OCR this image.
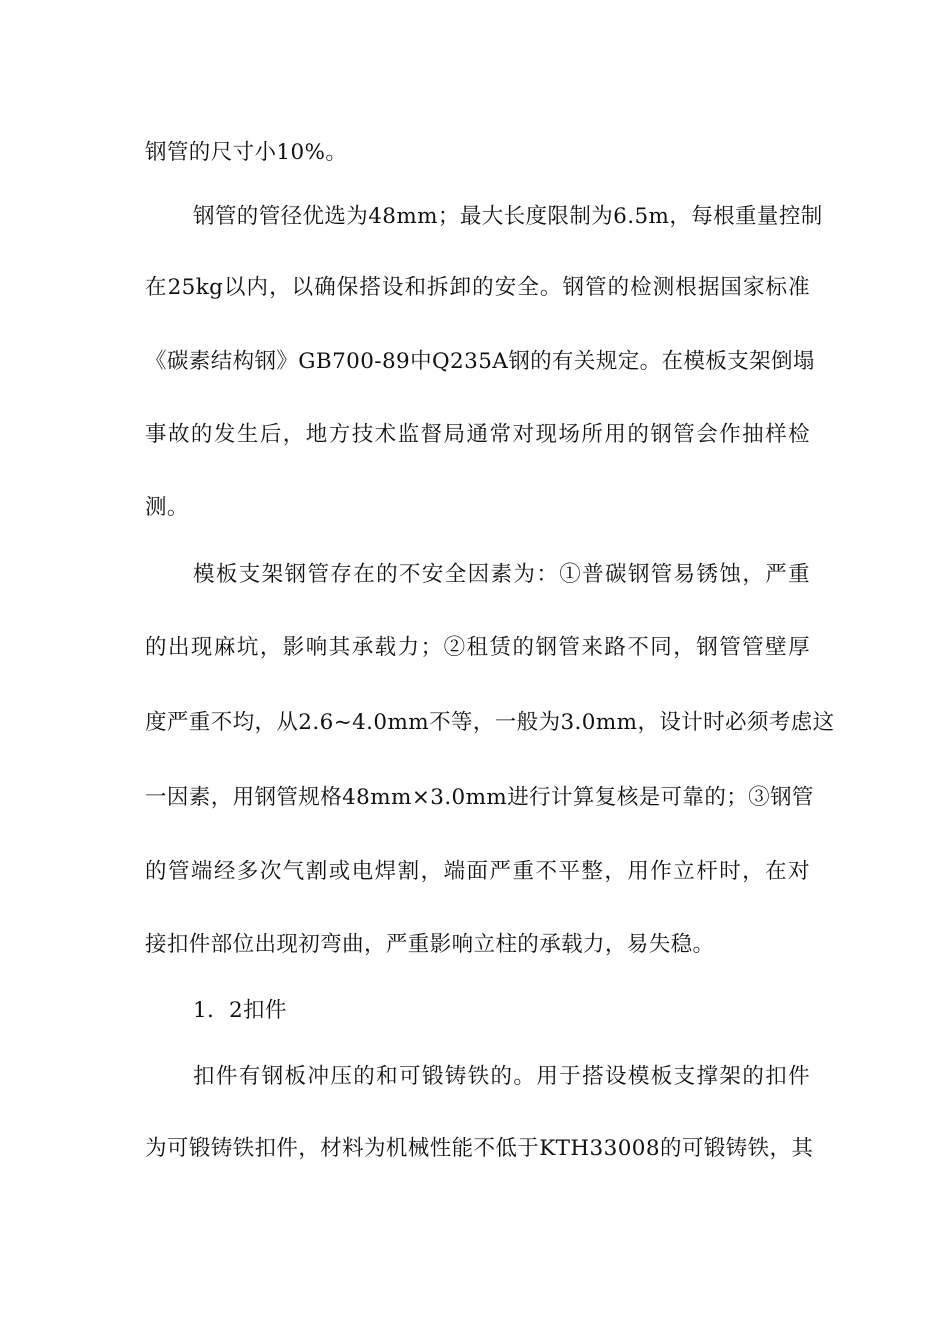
钢管的尺寸小10%。
钢管的管径优选为48mm；最大长度限制为6.5m，每根重量控制
在25kg以内，以确保搭设和拆卸的安全。钢管的检测根据国家标准
《碳素结构钢》GB700-89中Q235A钢的有关规定。在模板支架倒塌
事故的发生后，地方技术监督局通常对现场所用的钢管会作抽样检
测。
模板支架钢管存在的不安全因素为：①普碳钢管易锈蚀，严重
的出现麻坑，影响其承载力；②租赁的钢管来路不同，钢管管壁厚
度严重不均，从2.6~4.0mm不等，一般为3.0mm，设计时必须考虑这
一因素，用钢管规格48mm×3.0mm进行计算复核是可靠的；③钢管
的管端经多次气割或电焊割，端面严重不平整，用作立杆时，在对
接扣件部位出现初弯曲，严重影响立柱的承载力，易失稳。
1．2扣件
扣件有钢板冲压的和可锻铸铁的。用于搭设模板支撑架的扣件
为可锻铸铁扣件，材料为机械性能不低于KTH33008的可锻铸铁，其
